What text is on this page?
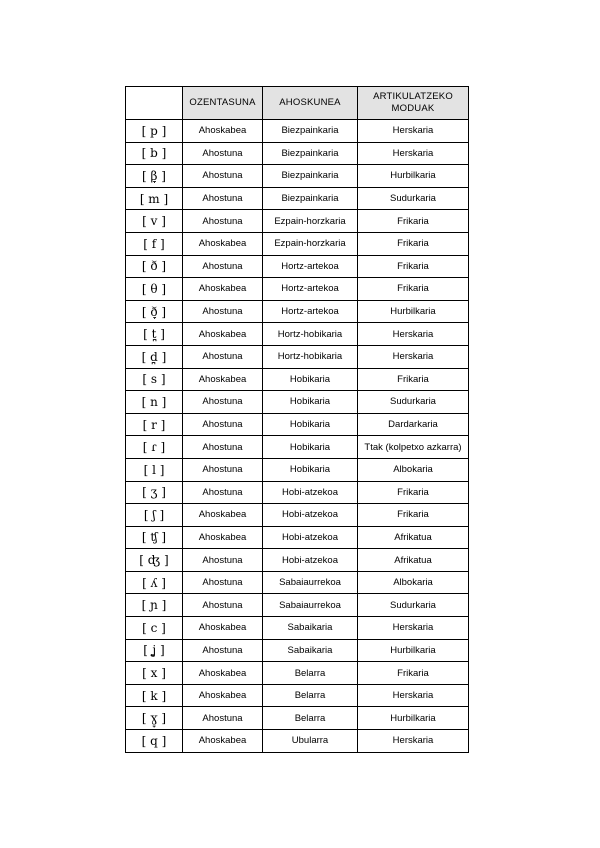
	OZENTASUNA	AHOSKUNEA	ARTIKULATZEKO MODUAK
[ p ]	Ahoskabea	Biezpainkaria	Herskaria
[ b ]	Ahostuna	Biezpainkaria	Herskaria
[ β̞ ]	Ahostuna	Biezpainkaria	Hurbilkaria
[ m ]	Ahostuna	Biezpainkaria	Sudurkaria
[ v ]	Ahostuna	Ezpain-horzkaria	Frikaria
[ f ]	Ahoskabea	Ezpain-horzkaria	Frikaria
[ ð ]	Ahostuna	Hortz-artekoa	Frikaria
[ θ ]	Ahoskabea	Hortz-artekoa	Frikaria
[ ð̞ ]	Ahostuna	Hortz-artekoa	Hurbilkaria
[ t̪ ]	Ahoskabea	Hortz-hobikaria	Herskaria
[ d̪ ]	Ahostuna	Hortz-hobikaria	Herskaria
[ s ]	Ahoskabea	Hobikaria	Frikaria
[ n ]	Ahostuna	Hobikaria	Sudurkaria
[ r ]	Ahostuna	Hobikaria	Dardarkaria
[ ɾ ]	Ahostuna	Hobikaria	Ttak (kolpetxo azkarra)
[ l ]	Ahostuna	Hobikaria	Albokaria
[ ʒ ]	Ahostuna	Hobi-atzekoa	Frikaria
[ ʃ ]	Ahoskabea	Hobi-atzekoa	Frikaria
[ ʧ ]	Ahoskabea	Hobi-atzekoa	Afrikatua
[ ʤ ]	Ahostuna	Hobi-atzekoa	Afrikatua
[ ʎ ]	Ahostuna	Sabaiaurrekoa	Albokaria
[ ɲ ]	Ahostuna	Sabaiaurrekoa	Sudurkaria
[ c ]	Ahoskabea	Sabaikaria	Herskaria
[ ʝ̞ ]	Ahostuna	Sabaikaria	Hurbilkaria
[ x ]	Ahoskabea	Belarra	Frikaria
[ k ]	Ahoskabea	Belarra	Herskaria
[ ɣ̞ ]	Ahostuna	Belarra	Hurbilkaria
[ q ]	Ahoskabea	Ubularra	Herskaria
